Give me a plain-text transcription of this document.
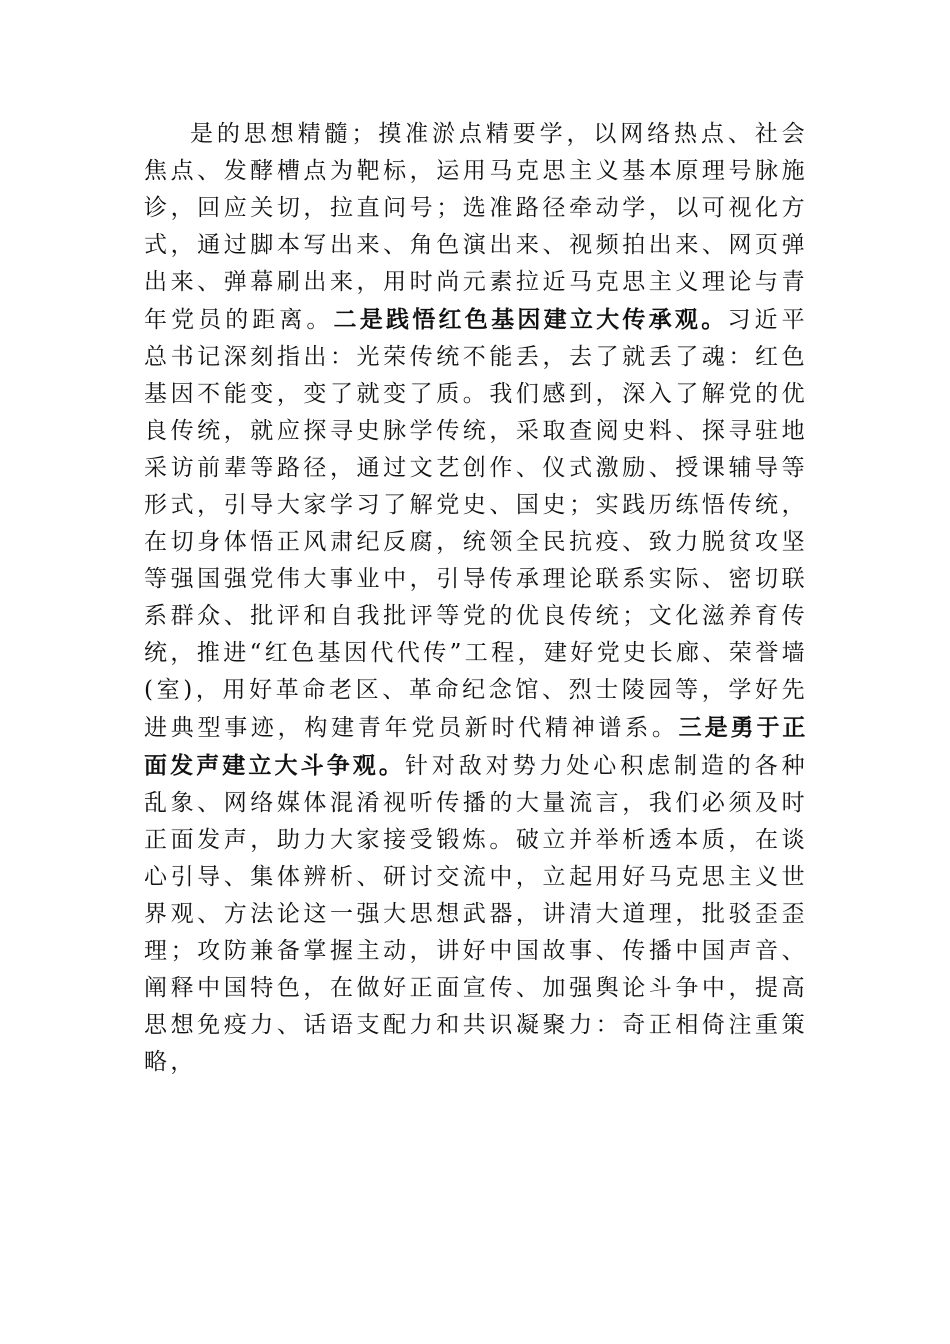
是的思想精髓；摸准淤点精要学，以网络热点、社会焦点、发酵槽点为靶标，运用马克思主义基本原理号脉施诊，回应关切，拉直问号；选准路径牵动学，以可视化方式，通过脚本写出来、角色演出来、视频拍出来、网页弹出来、弹幕刷出来，用时尚元素拉近马克思主义理论与青年党员的距离。二是践悟红色基因建立大传承观。习近平总书记深刻指出：光荣传统不能丢，去了就丢了魂：红色基因不能变，变了就变了质。我们感到，深入了解党的优良传统，就应探寻史脉学传统，采取查阅史料、探寻驻地采访前辈等路径，通过文艺创作、仪式激励、授课辅导等形式，引导大家学习了解党史、国史；实践历练悟传统，在切身体悟正风肃纪反腐，统领全民抗疫、致力脱贫攻坚等强国强党伟大事业中，引导传承理论联系实际、密切联系群众、批评和自我批评等党的优良传统；文化滋养育传统，推进“红色基因代代传”工程，建好党史长廊、荣誉墙(室)，用好革命老区、革命纪念馆、烈士陵园等，学好先进典型事迹，构建青年党员新时代精神谱系。三是勇于正面发声建立大斗争观。针对敌对势力处心积虑制造的各种乱象、网络媒体混淆视听传播的大量流言，我们必须及时正面发声，助力大家接受锻炼。破立并举析透本质，在谈心引导、集体辨析、研讨交流中，立起用好马克思主义世界观、方法论这一强大思想武器，讲清大道理，批驳歪歪理；攻防兼备掌握主动，讲好中国故事、传播中国声音、阐释中国特色，在做好正面宣传、加强舆论斗争中，提高思想免疫力、话语支配力和共识凝聚力：奇正相倚注重策略，
